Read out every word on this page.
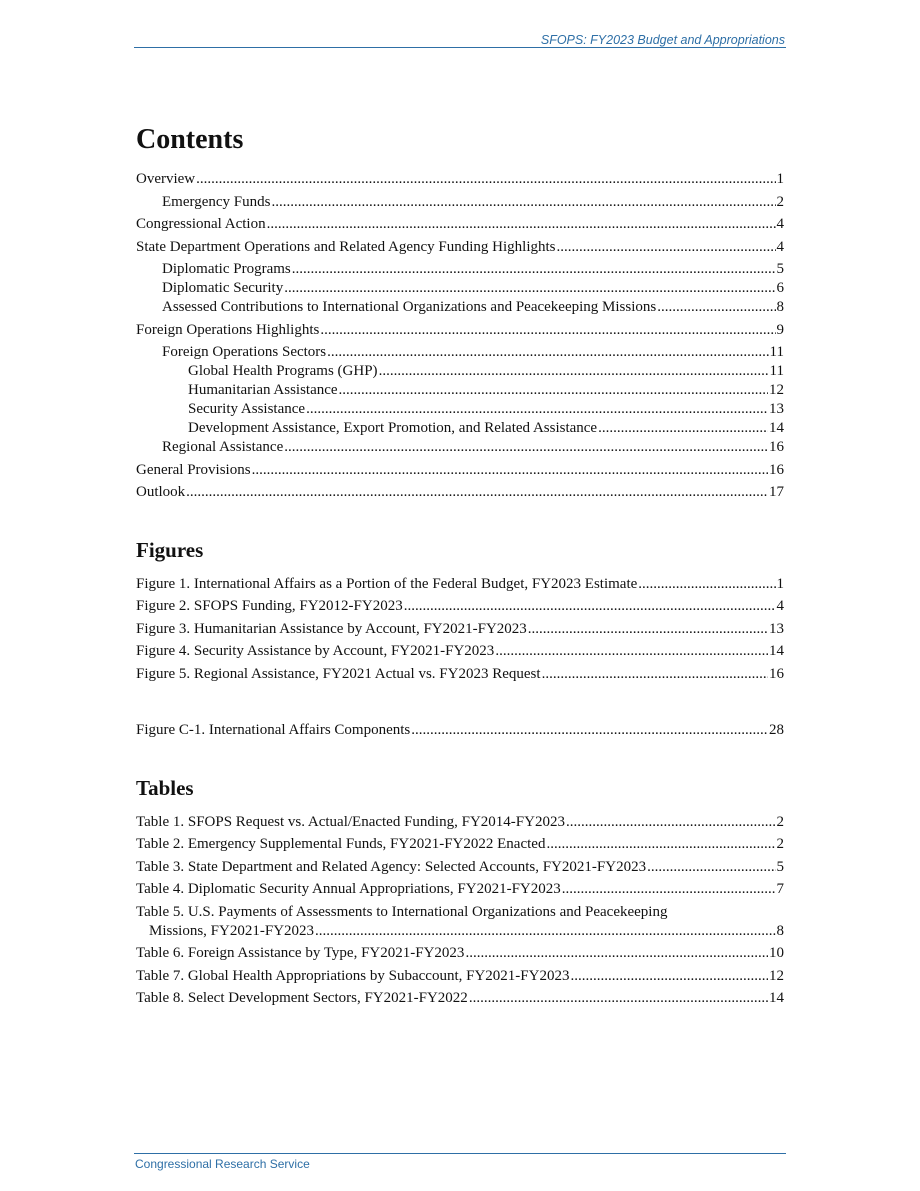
SFOPS: FY2023 Budget and Appropriations
Contents
Overview .....	1
Emergency Funds .....	2
Congressional Action .....	4
State Department Operations and Related Agency Funding Highlights .....	4
Diplomatic Programs .....	5
Diplomatic Security .....	6
Assessed Contributions to International Organizations and Peacekeeping Missions .....	8
Foreign Operations Highlights .....	9
Foreign Operations Sectors .....	11
Global Health Programs (GHP) .....	11
Humanitarian Assistance .....	12
Security Assistance .....	13
Development Assistance, Export Promotion, and Related Assistance .....	14
Regional Assistance .....	16
General Provisions .....	16
Outlook .....	17
Figures
Figure 1. International Affairs as a Portion of the Federal Budget, FY2023 Estimate .....	1
Figure 2. SFOPS Funding, FY2012-FY2023 .....	4
Figure 3. Humanitarian Assistance by Account, FY2021-FY2023 .....	13
Figure 4. Security Assistance by Account, FY2021-FY2023 .....	14
Figure 5. Regional Assistance, FY2021 Actual vs. FY2023 Request .....	16
Figure C-1. International Affairs Components .....	28
Tables
Table 1. SFOPS Request vs. Actual/Enacted Funding, FY2014-FY2023 .....	2
Table 2. Emergency Supplemental Funds, FY2021-FY2022 Enacted .....	2
Table 3. State Department and Related Agency: Selected Accounts, FY2021-FY2023 .....	5
Table 4. Diplomatic Security Annual Appropriations, FY2021-FY2023 .....	7
Table 5. U.S. Payments of Assessments to International Organizations and Peacekeeping
Missions, FY2021-FY2023 .....	8
Table 6. Foreign Assistance by Type, FY2021-FY2023 .....	10
Table 7. Global Health Appropriations by Subaccount, FY2021-FY2023 .....	12
Table 8. Select Development Sectors, FY2021-FY2022 .....	14
Congressional Research Service
